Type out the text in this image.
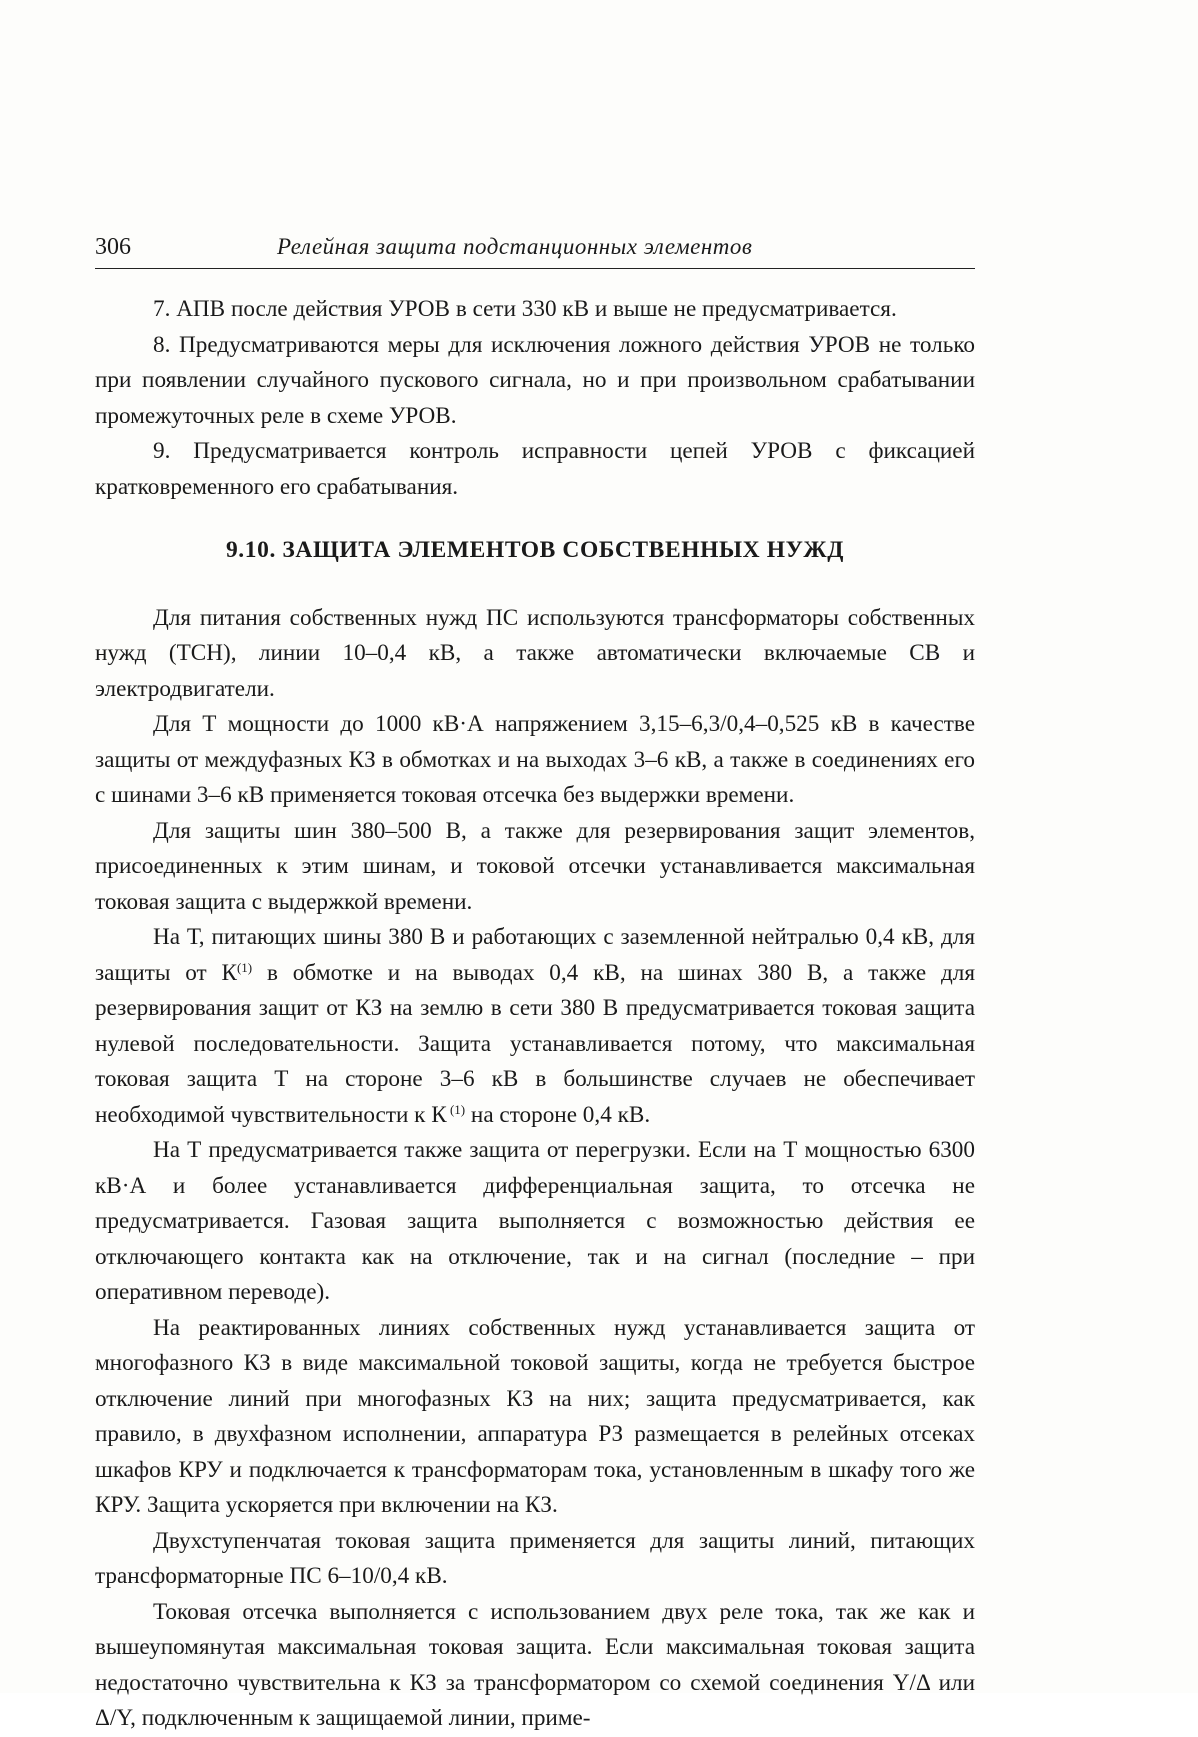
306	Релейная защита подстанционных элементов

7. АПВ после действия УРОВ в сети 330 кВ и выше не предусматривается.

8. Предусматриваются меры для исключения ложного действия УРОВ не только при появлении случайного пускового сигнала, но и при произвольном срабатывании промежуточных реле в схеме УРОВ.

9. Предусматривается контроль исправности цепей УРОВ с фиксацией кратковременного его срабатывания.

9.10. ЗАЩИТА ЭЛЕМЕНТОВ СОБСТВЕННЫХ НУЖД

Для питания собственных нужд ПС используются трансформаторы собственных нужд (ТСН), линии 10–0,4 кВ, а также автоматически включаемые СВ и электродвигатели.

Для Т мощности до 1000 кВ·А напряжением 3,15–6,3/0,4–0,525 кВ в качестве защиты от междуфазных КЗ в обмотках и на выходах 3–6 кВ, а также в соединениях его с шинами 3–6 кВ применяется токовая отсечка без выдержки времени.

Для защиты шин 380–500 В, а также для резервирования защит элементов, присоединенных к этим шинам, и токовой отсечки устанавливается максимальная токовая защита с выдержкой времени.

На Т, питающих шины 380 В и работающих с заземленной нейтралью 0,4 кВ, для защиты от $К^{(1)}$ в обмотке и на выводах 0,4 кВ, на шинах 380 В, а также для резервирования защит от КЗ на землю в сети 380 В предусматривается токовая защита нулевой последовательности. Защита устанавливается потому, что максимальная токовая защита Т на стороне 3–6 кВ в большинстве случаев не обеспечивает необходимой чувствительности к К $^{(1)}$ на стороне 0,4 кВ.

На Т предусматривается также защита от перегрузки. Если на Т мощностью 6300 кВ·А и более устанавливается дифференциальная защита, то отсечка не предусматривается. Газовая защита выполняется с возможностью действия ее отключающего контакта как на отключение, так и на сигнал (последние – при оперативном переводе).

На реактированных линиях собственных нужд устанавливается защита от многофазного КЗ в виде максимальной токовой защиты, когда не требуется быстрое отключение линий при многофазных КЗ на них; защита предусматривается, как правило, в двухфазном исполнении, аппаратура РЗ размещается в релейных отсеках шкафов КРУ и подключается к трансформаторам тока, установленным в шкафу того же КРУ. Защита ускоряется при включении на КЗ.

Двухступенчатая токовая защита применяется для защиты линий, питающих трансформаторные ПС 6–10/0,4 кВ.

Токовая отсечка выполняется с использованием двух реле тока, так же как и вышеупомянутая максимальная токовая защита. Если максимальная токовая защита недостаточно чувствительна к КЗ за трансформатором со схемой соединения Y/Δ или Δ/Y, подключенным к защищаемой линии, приме-
